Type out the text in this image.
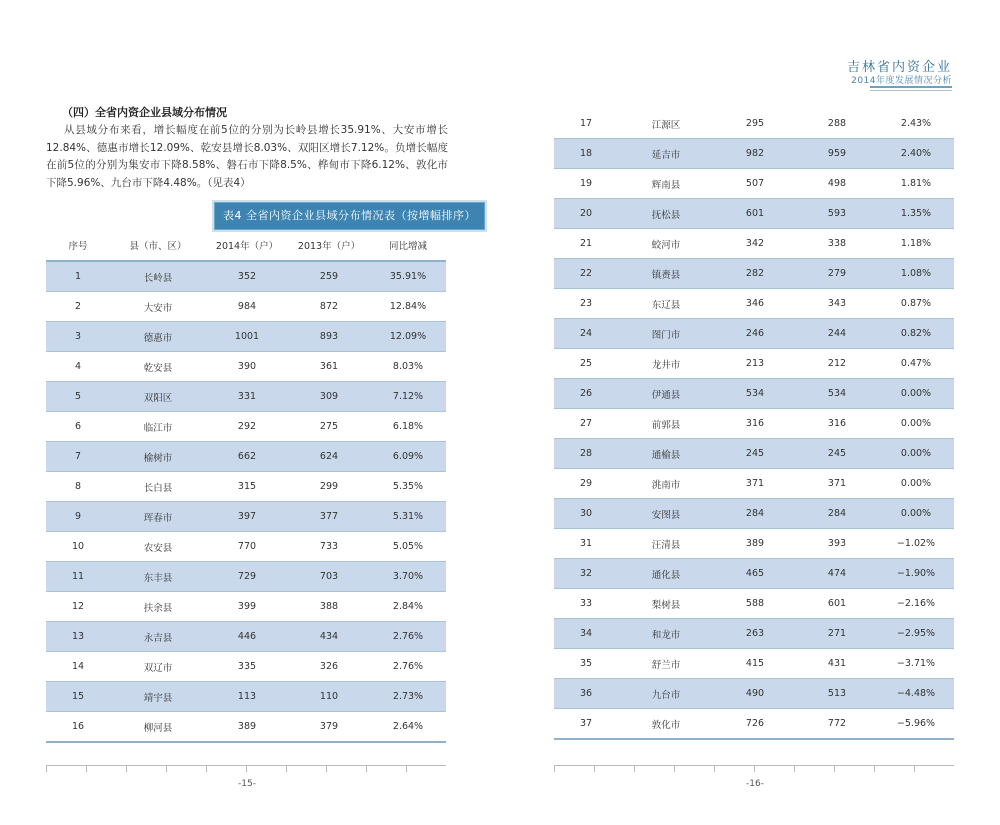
（四）全省内资企业县域分布情况
从县域分布来看，增长幅度在前5位的分别为长岭县增长35.91%、大安市增长12.84%、德惠市增长12.09%、乾安县增长8.03%、双阳区增长7.12%。负增长幅度在前5位的分别为集安市下降8.58%、磐石市下降8.5%、桦甸市下降6.12%、敦化市下降5.96%、九台市下降4.48%。（见表4）
表4 全省内资企业县域分布情况表（按增幅排序）
序号	县（市、区）	2014年（户）	2013年（户）	同比增减
1	长岭县	352	259	35.91%
2	大安市	984	872	12.84%
3	德惠市	1001	893	12.09%
4	乾安县	390	361	8.03%
5	双阳区	331	309	7.12%
6	临江市	292	275	6.18%
7	榆树市	662	624	6.09%
8	长白县	315	299	5.35%
9	珲春市	397	377	5.31%
10	农安县	770	733	5.05%
11	东丰县	729	703	3.70%
12	扶余县	399	388	2.84%
13	永吉县	446	434	2.76%
14	双辽市	335	326	2.76%
15	靖宇县	113	110	2.73%
16	柳河县	389	379	2.64%
-15-
吉林省内资企业
2014年度发展情况分析
17	江源区	295	288	2.43%
18	延吉市	982	959	2.40%
19	辉南县	507	498	1.81%
20	抚松县	601	593	1.35%
21	蛟河市	342	338	1.18%
22	镇赉县	282	279	1.08%
23	东辽县	346	343	0.87%
24	图门市	246	244	0.82%
25	龙井市	213	212	0.47%
26	伊通县	534	534	0.00%
27	前郭县	316	316	0.00%
28	通榆县	245	245	0.00%
29	洮南市	371	371	0.00%
30	安图县	284	284	0.00%
31	汪清县	389	393	−1.02%
32	通化县	465	474	−1.90%
33	梨树县	588	601	−2.16%
34	和龙市	263	271	−2.95%
35	舒兰市	415	431	−3.71%
36	九台市	490	513	−4.48%
37	敦化市	726	772	−5.96%
-16-
